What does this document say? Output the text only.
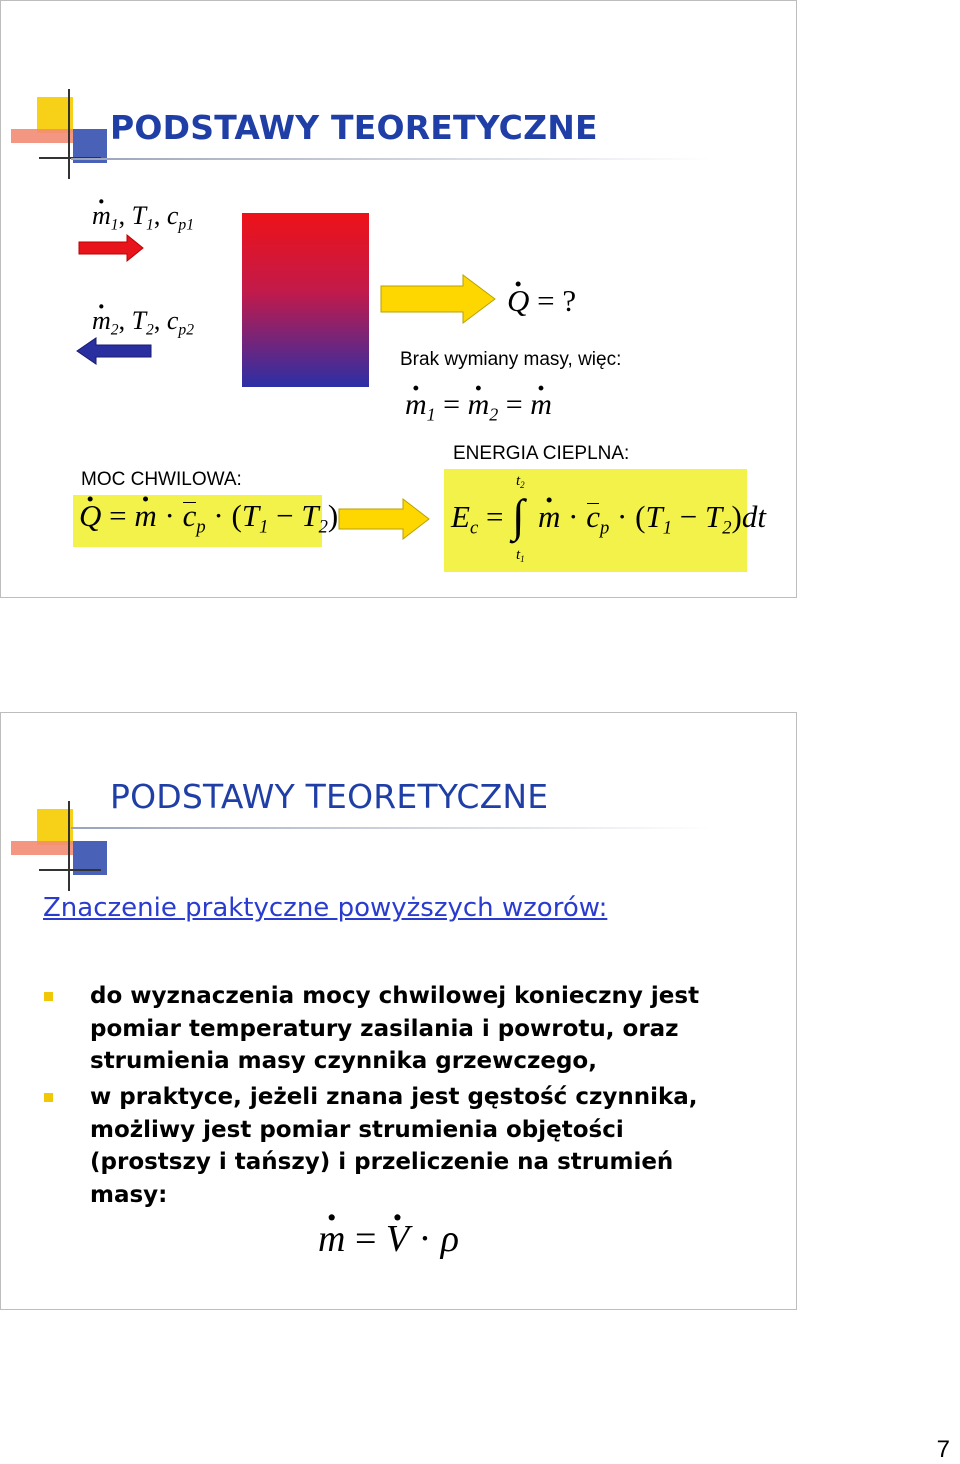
PODSTAWY TEORETYCZNE
· $m_1$, $T_1$, $c_{p1}$
· $m_2$, $T_2$, $c_{p2}$
· Q = ?
Brak wymiany masy, więc:
· $m_1$ = · $m_2$ = · m
ENERGIA CIEPLNA:
MOC CHWILOWA:
· Q = · $m \cdot c_p \cdot (T_1 - T_2)$	$E_c$ = ∫
$t_2$
$t_1$
· $m \cdot c_p \cdot (T_1 - T_2)dt$
PODSTAWY TEORETYCZNE
Znaczenie praktyczne powyższych wzorów:
do wyznaczenia mocy chwilowej konieczny jest
pomiar temperatury zasilania i powrotu, oraz
strumienia masy czynnika grzewczego,
w praktyce, jeżeli znana jest gęstość czynnika,
możliwy jest pomiar strumienia objętości
(prostszy i tańszy) i przeliczenie na strumień
masy:
· m = · V · ρ
7
